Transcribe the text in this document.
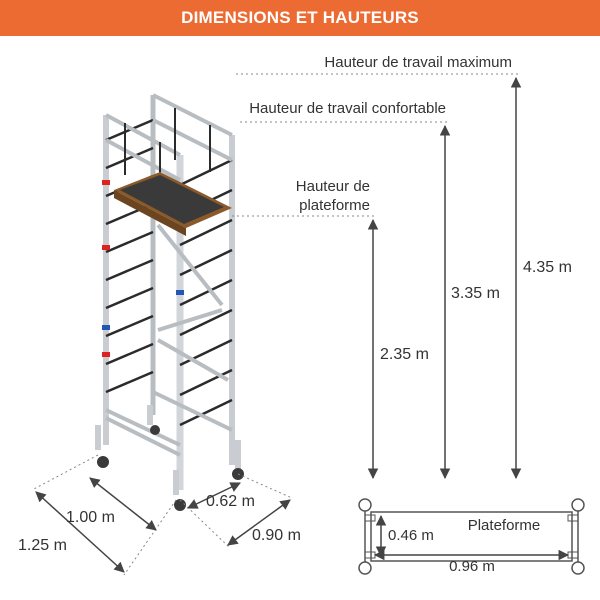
DIMENSIONS ET HAUTEURS
Hauteur de travail maximum
Hauteur de travail confortable
Hauteur de
plateforme
4.35 m
3.35 m
2.35 m
1.00 m
1.25 m
0.62 m
0.90 m
Plateforme
0.46 m
0.96 m
